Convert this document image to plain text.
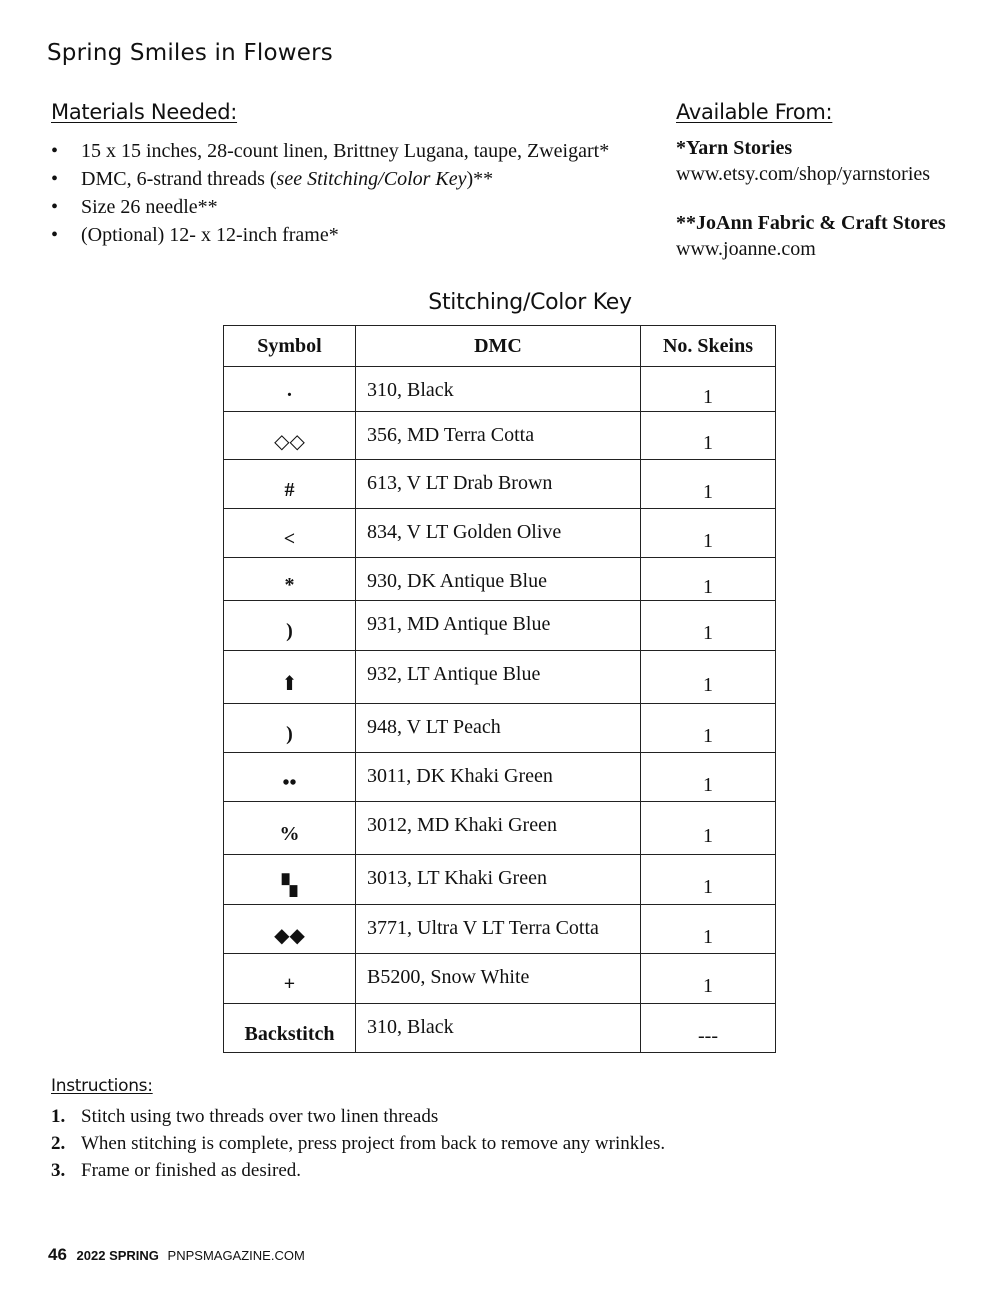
Spring Smiles in Flowers
Materials Needed:
• 15 x 15 inches, 28-count linen, Brittney Lugana, taupe, Zweigart*
• DMC, 6-strand threads (see Stitching/Color Key)**
• Size 26 needle**
• (Optional) 12- x 12-inch frame*
Available From:
*Yarn Stories
www.etsy.com/shop/yarnstories
**JoAnn Fabric & Craft Stores
www.joanne.com
Stitching/Color Key
Symbol	DMC	No. Skeins
·	310, Black	1
◇◇	356, MD Terra Cotta	1
#	613, V LT Drab Brown	1
<	834, V LT Golden Olive	1
*	930, DK Antique Blue	1
)	931, MD Antique Blue	1
⬆	932, LT Antique Blue	1
)	948, V LT Peach	1
••	3011, DK Khaki Green	1
%	3012, MD Khaki Green	1
▚	3013, LT Khaki Green	1
◆◆	3771, Ultra V LT Terra Cotta	1
+	B5200, Snow White	1
Backstitch	310, Black	---
Instructions:
1. Stitch using two threads over two linen threads
2. When stitching is complete, press project from back to remove any wrinkles.
3. Frame or finished as desired.
46 2022 SPRING PNPSMAGAZINE.COM
